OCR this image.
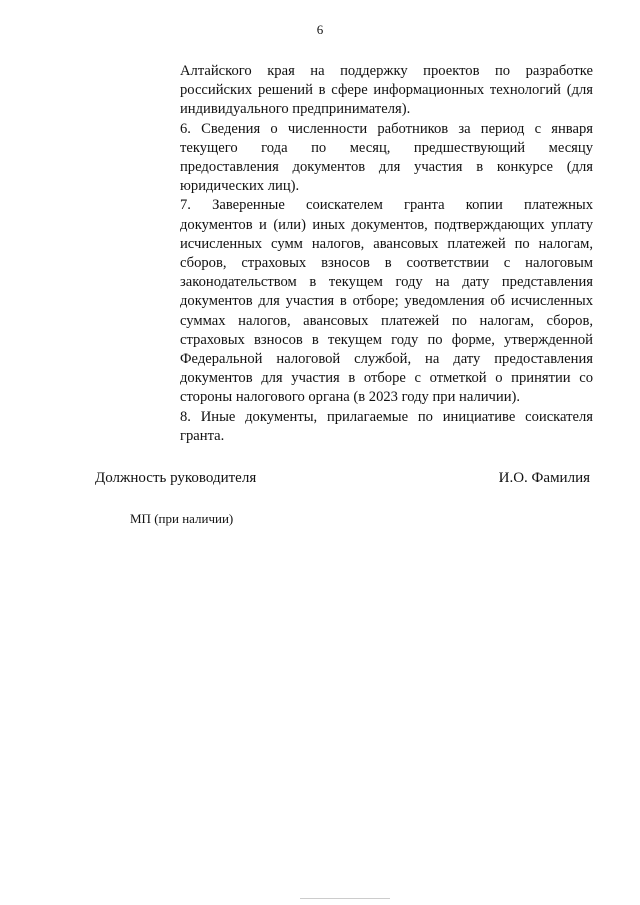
6
Алтайского края на поддержку проектов по разработке
российских решений в сфере информационных технологий (для
индивидуального предпринимателя).
6. Сведения о численности работников за период с января
текущего года по месяц, предшествующий месяцу
предоставления документов для участия в конкурсе (для
юридических лиц).
7. Заверенные соискателем гранта копии платежных
документов и (или) иных документов, подтверждающих уплату
исчисленных сумм налогов, авансовых платежей по налогам,
сборов, страховых взносов в соответствии с налоговым
законодательством в текущем году на дату представления
документов для участия в отборе; уведомления об исчисленных
суммах налогов, авансовых платежей по налогам, сборов,
страховых взносов в текущем году по форме, утвержденной
Федеральной налоговой службой, на дату предоставления
документов для участия в отборе с отметкой о принятии со
стороны налогового органа (в 2023 году при наличии).
8. Иные документы, прилагаемые по инициативе соискателя
гранта.
Должность руководителя	И.О. Фамилия
МП (при наличии)
